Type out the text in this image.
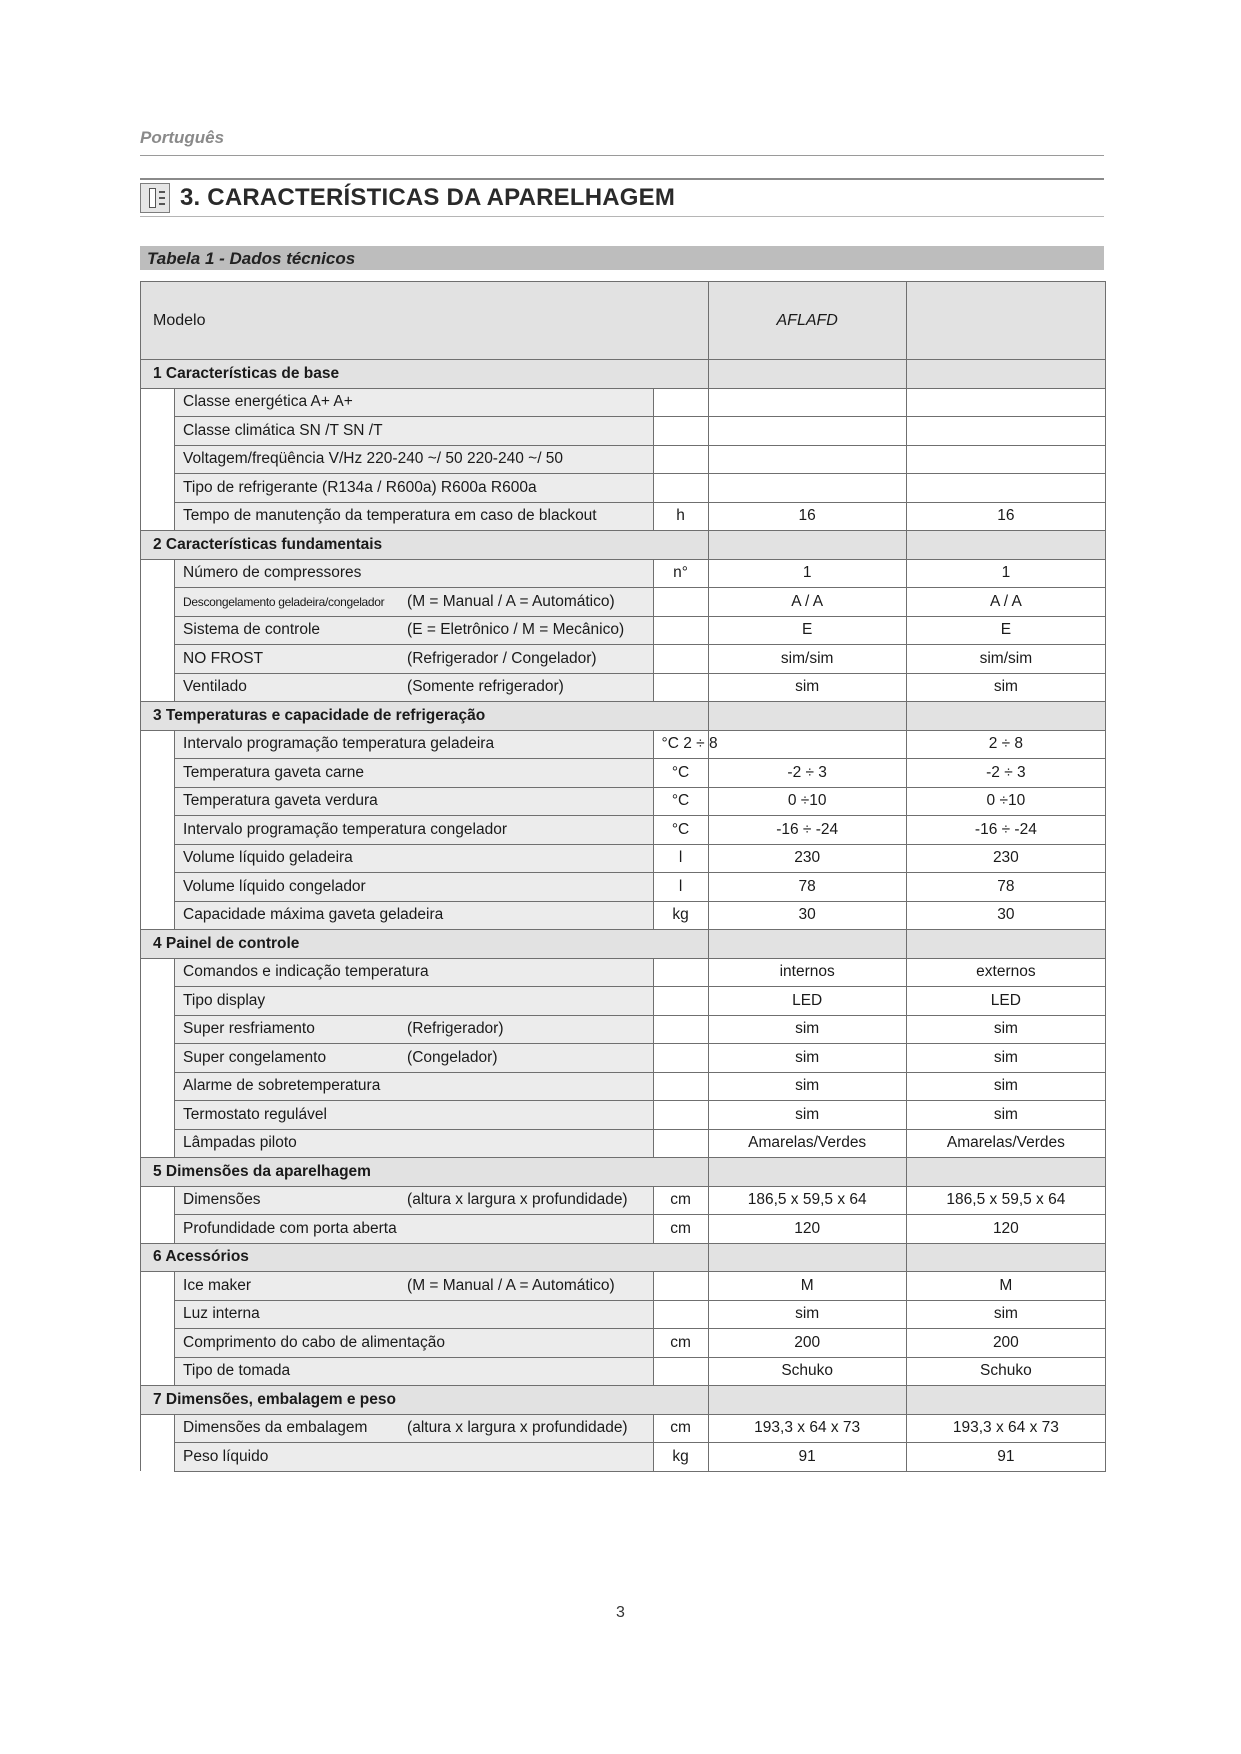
Português
3. CARACTERÍSTICAS DA APARELHAGEM
Tabela 1 - Dados técnicos
Modelo			AFLAFD	
1 Características de base				
	Classe energética A+ A+			
	Classe climática SN /T SN /T			
	Voltagem/freqüência V/Hz 220-240 ~/ 50 220-240 ~/ 50			
	Tipo de refrigerante (R134a / R600a) R600a R600a			
	Tempo de manutenção da temperatura em caso de blackout	h	16	16
2 Características fundamentais				
	Número de compressores	n°	1	1
	Descongelamento geladeira/congelador (M = Manual / A = Automático)		A / A	A / A
	Sistema de controle (E = Eletrônico / M = Mecânico)		E	E
	NO FROST (Refrigerador / Congelador)		sim/sim	sim/sim
	Ventilado (Somente refrigerador)		sim	sim
3 Temperaturas e capacidade de refrigeração				
	Intervalo programação temperatura geladeira	°C 2 ÷ 8		2 ÷ 8
	Temperatura gaveta carne	°C	-2 ÷ 3	-2 ÷ 3
	Temperatura gaveta verdura	°C	0 ÷10	0 ÷10
	Intervalo programação temperatura congelador	°C	-16 ÷ -24	-16 ÷ -24
	Volume líquido geladeira	l	230	230
	Volume líquido congelador	l	78	78
	Capacidade máxima gaveta geladeira	kg	30	30
4 Painel de controle				
	Comandos e indicação temperatura		internos	externos
	Tipo display		LED	LED
	Super resfriamento (Refrigerador)		sim	sim
	Super congelamento (Congelador)		sim	sim
	Alarme de sobretemperatura		sim	sim
	Termostato regulável		sim	sim
	Lâmpadas piloto		Amarelas/Verdes	Amarelas/Verdes
5 Dimensões da aparelhagem				
	Dimensões (altura x largura x profundidade)	cm	186,5 x 59,5 x 64	186,5 x 59,5 x 64
	Profundidade com porta aberta	cm	120	120
6 Acessórios				
	Ice maker (M = Manual / A = Automático)		M	M
	Luz interna		sim	sim
	Comprimento do cabo de alimentação	cm	200	200
	Tipo de tomada		Schuko	Schuko
7 Dimensões, embalagem e peso				
	Dimensões da embalagem (altura x largura x profundidade)	cm	193,3 x 64 x 73	193,3 x 64 x 73
	Peso líquido	kg	91	91
3
